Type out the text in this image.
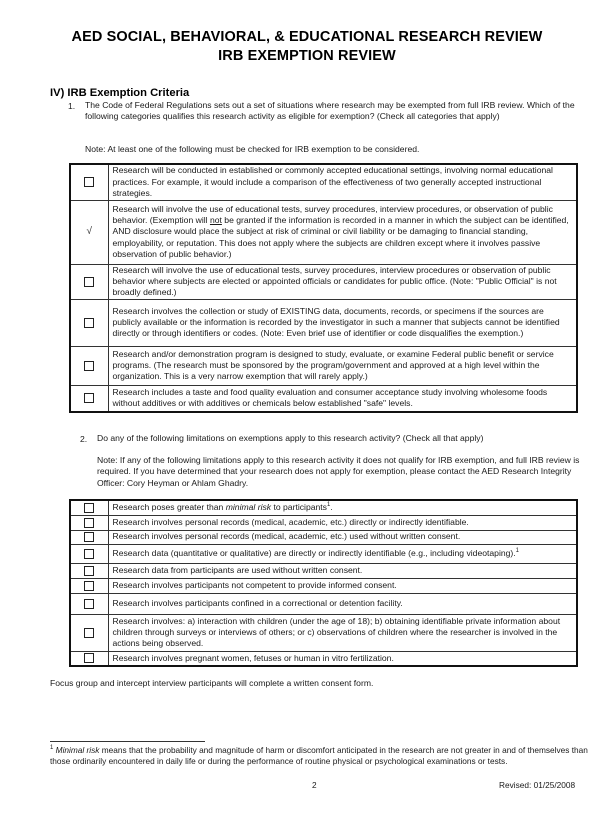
AED SOCIAL, BEHAVIORAL, & EDUCATIONAL RESEARCH REVIEW
IRB EXEMPTION REVIEW
IV) IRB Exemption Criteria
1. The Code of Federal Regulations sets out a set of situations where research may be exempted from full IRB review. Which of the following categories qualifies this research activity as eligible for exemption? (Check all categories that apply)
Note: At least one of the following must be checked for IRB exemption to be considered.
	Research will be conducted in established or commonly accepted educational settings, involving normal educational practices. For example, it would include a comparison of the effectiveness of two generally accepted instructional strategies.
√	Research will involve the use of educational tests, survey procedures, interview procedures, or observation of public behavior. (Exemption will not be granted if the information is recorded in a manner in which the subject can be identified, AND disclosure would place the subject at risk of criminal or civil liability or be damaging to financial standing, employability, or reputation. This does not apply where the subjects are children except where it involves passive observation of public behavior.)
	Research will involve the use of educational tests, survey procedures, interview procedures or observation of public behavior where subjects are elected or appointed officials or candidates for public office. (Note: "Public Official" is not broadly defined.)
	Research involves the collection or study of EXISTING data, documents, records, or specimens if the sources are publicly available or the information is recorded by the investigator in such a manner that subjects cannot be identified directly or through identifiers or codes. (Note: Even brief use of identifier or code disqualifies the exemption.)
	Research and/or demonstration program is designed to study, evaluate, or examine Federal public benefit or service programs. (The research must be sponsored by the program/government and approved at a high level within the organization. This is a very narrow exemption that will rarely apply.)
	Research includes a taste and food quality evaluation and consumer acceptance study involving wholesome foods without additives or with additives or chemicals below established "safe" levels.
2. Do any of the following limitations on exemptions apply to this research activity? (Check all that apply)
Note: If any of the following limitations apply to this research activity it does not qualify for IRB exemption, and full IRB review is required. If you have determined that your research does not apply for exemption, please contact the AED Research Integrity Officer: Cory Heyman or Ahlam Ghadry.
	Research poses greater than minimal risk to participants$^1$.
	Research involves personal records (medical, academic, etc.) directly or indirectly identifiable.
	Research involves personal records (medical, academic, etc.) used without written consent.
	Research data (quantitative or qualitative) are directly or indirectly identifiable (e.g., including videotaping).$^1$
	Research data from participants are used without written consent.
	Research involves participants not competent to provide informed consent.
	Research involves participants confined in a correctional or detention facility.
	Research involves: a) interaction with children (under the age of 18); b) obtaining identifiable private information about children through surveys or interviews of others; or c) observations of children where the researcher is involved in the actions being observed.
	Research involves pregnant women, fetuses or human in vitro fertilization.
Focus group and intercept interview participants will complete a written consent form.
$^1$ Minimal risk means that the probability and magnitude of harm or discomfort anticipated in the research are not greater in and of themselves than those ordinarily encountered in daily life or during the performance of routine physical or psychological examinations or tests.
2	Revised: 01/25/2008
